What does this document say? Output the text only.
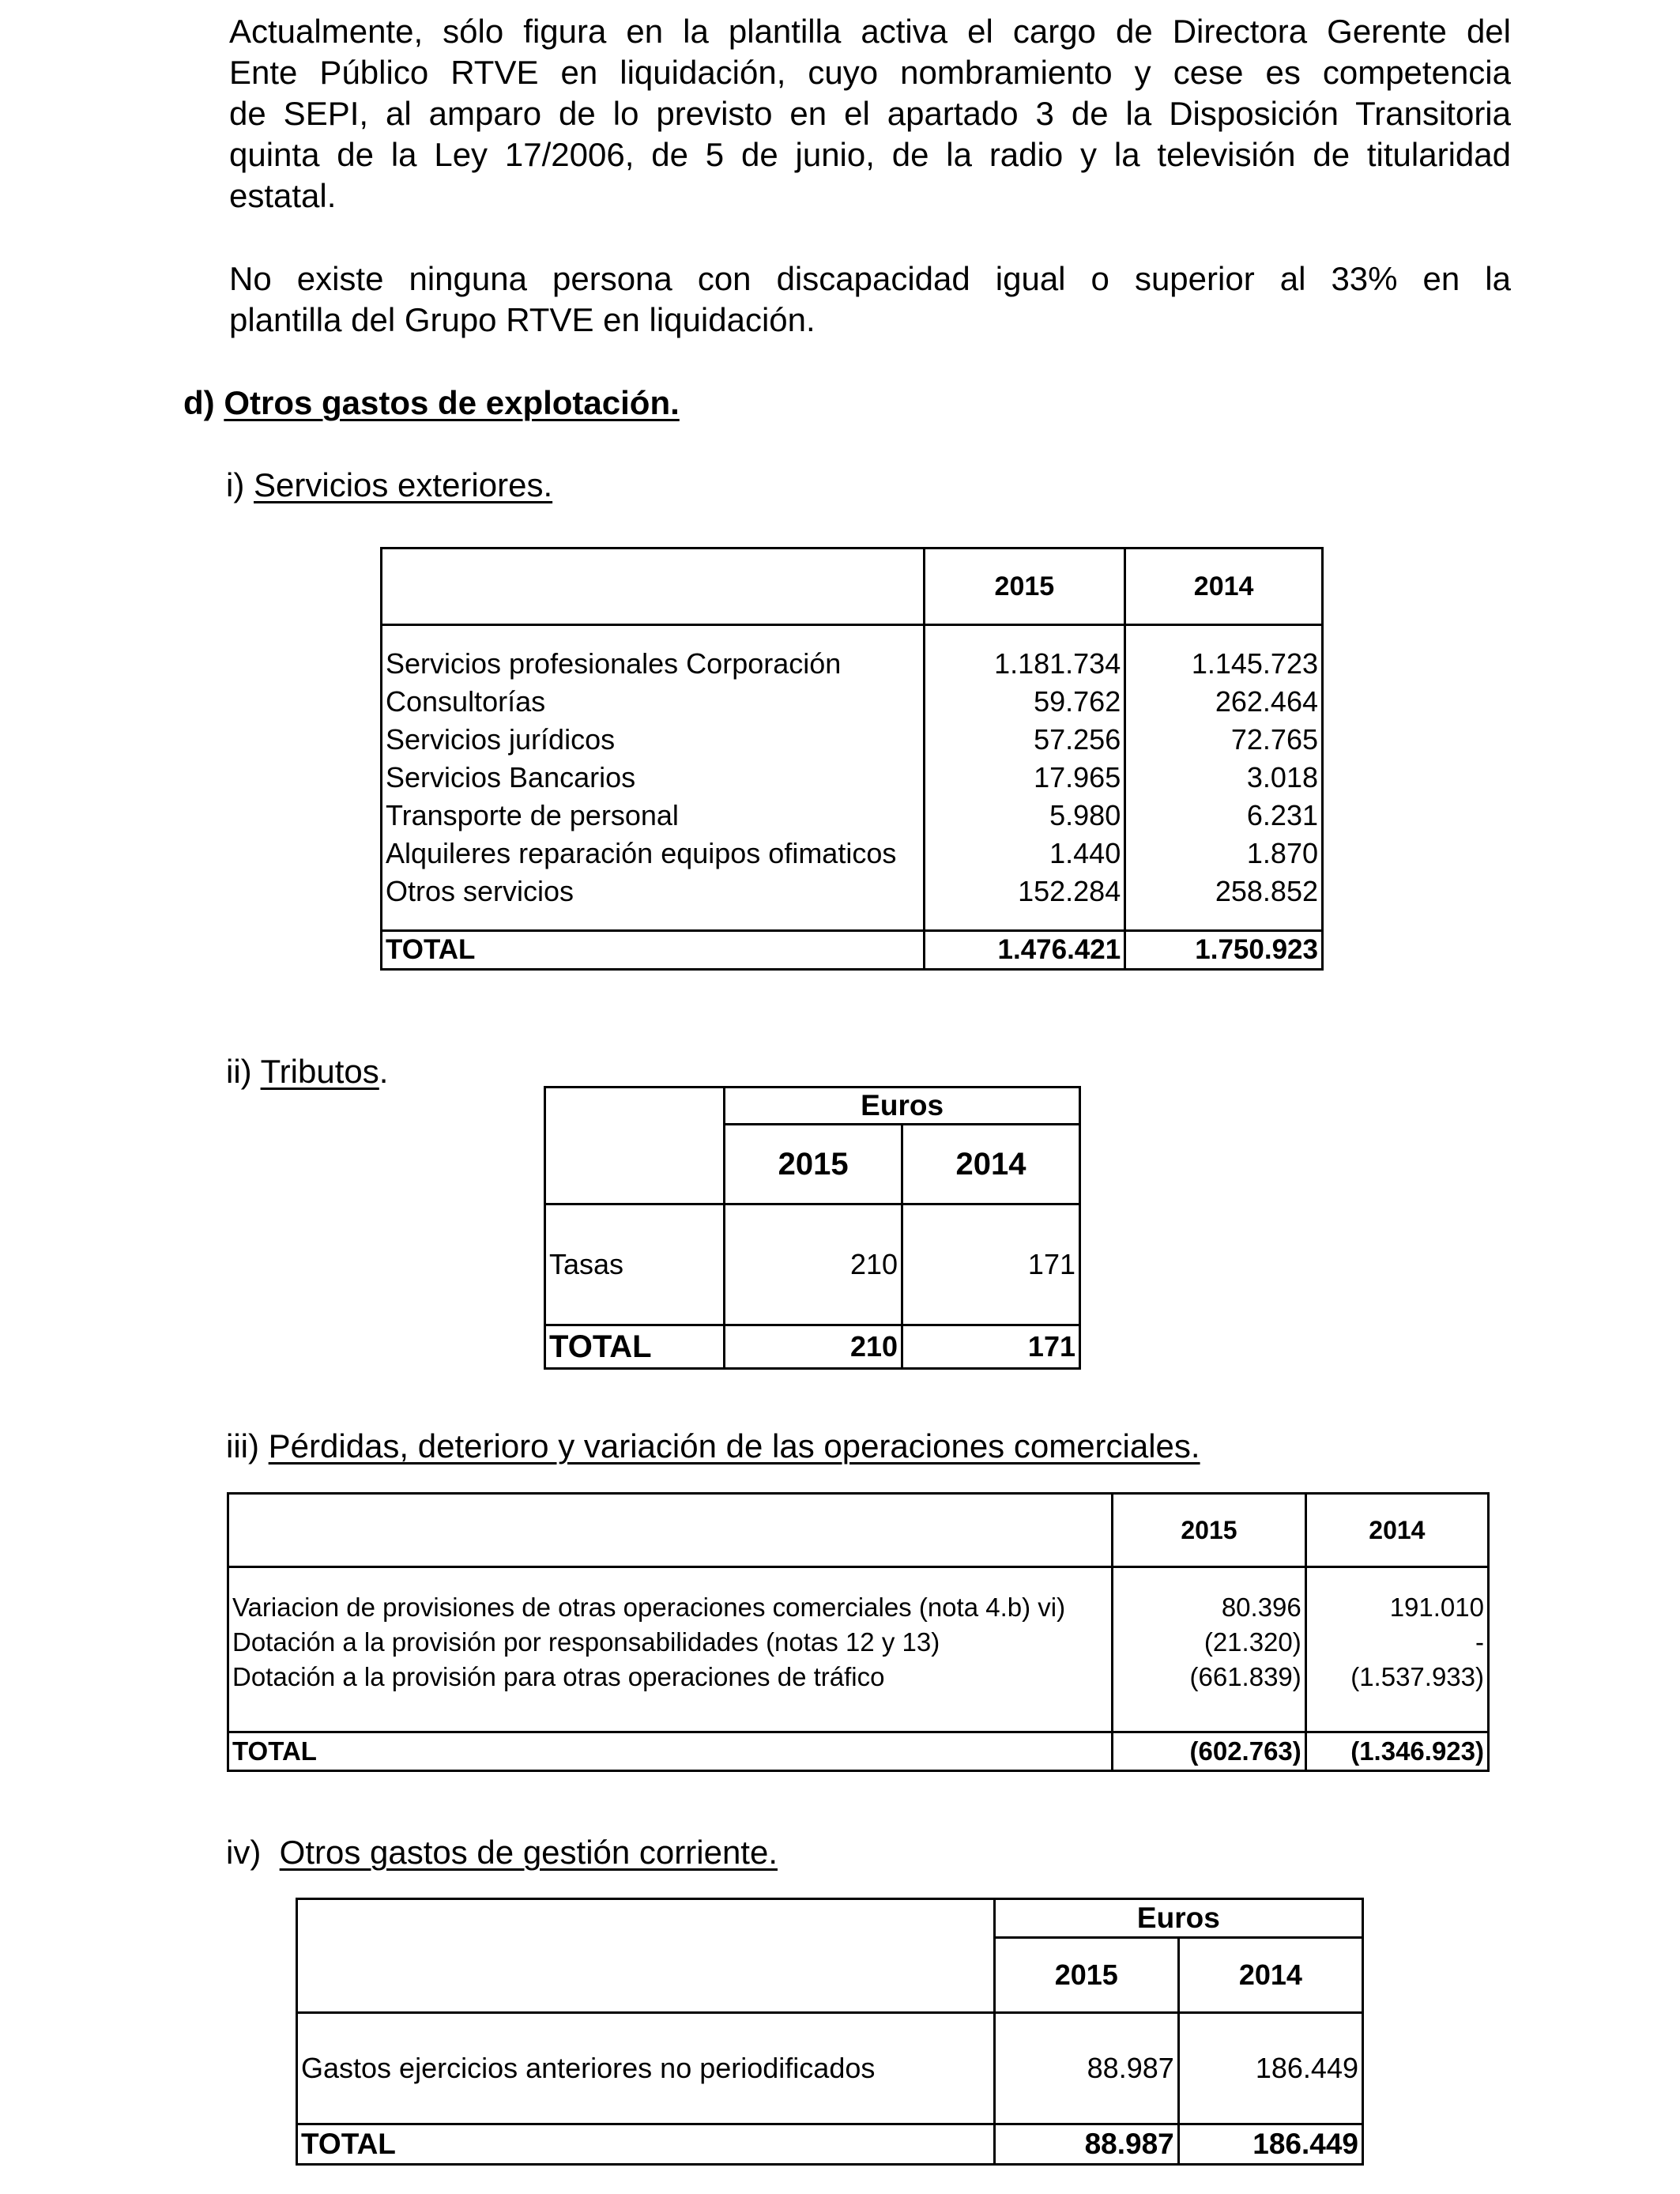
Actualmente, sólo figura en la plantilla activa el cargo de Directora Gerente del
Ente Público RTVE en liquidación, cuyo nombramiento y cese es competencia
de SEPI, al amparo de lo previsto en el apartado 3 de la Disposición Transitoria
quinta de la Ley 17/2006, de 5 de junio, de la radio y la televisión de titularidad
estatal.

No existe ninguna persona con discapacidad igual o superior al 33% en la
plantilla del Grupo RTVE en liquidación.

d) Otros gastos de explotación.
i) Servicios exteriores.
	2015	2014

Servicios profesionales Corporación	1.181.734	1.145.723
Consultorías	59.762	262.464
Servicios jurídicos	57.256	72.765
Servicios Bancarios	17.965	3.018
Transporte de personal	5.980	6.231
Alquileres reparación equipos ofimaticos	1.440	1.870
Otros servicios	152.284	258.852

TOTAL	1.476.421	1.750.923
ii) Tributos.
	Euros	
	2015	2014
Tasas	210	171
TOTAL	210	171
iii) Pérdidas, deterioro y variación de las operaciones comerciales.
	2015	2014

Variacion de provisiones de otras operaciones comerciales (nota 4.b) vi)	80.396	191.010
Dotación a la provisión por responsabilidades (notas 12 y 13)	(21.320)	-
Dotación a la provisión para otras operaciones de tráfico	(661.839)	(1.537.933)

TOTAL	(602.763)	(1.346.923)
iv) Otros gastos de gestión corriente.
	Euros	
	2015	2014
Gastos ejercicios anteriores no periodificados	88.987	186.449
TOTAL	88.987	186.449
